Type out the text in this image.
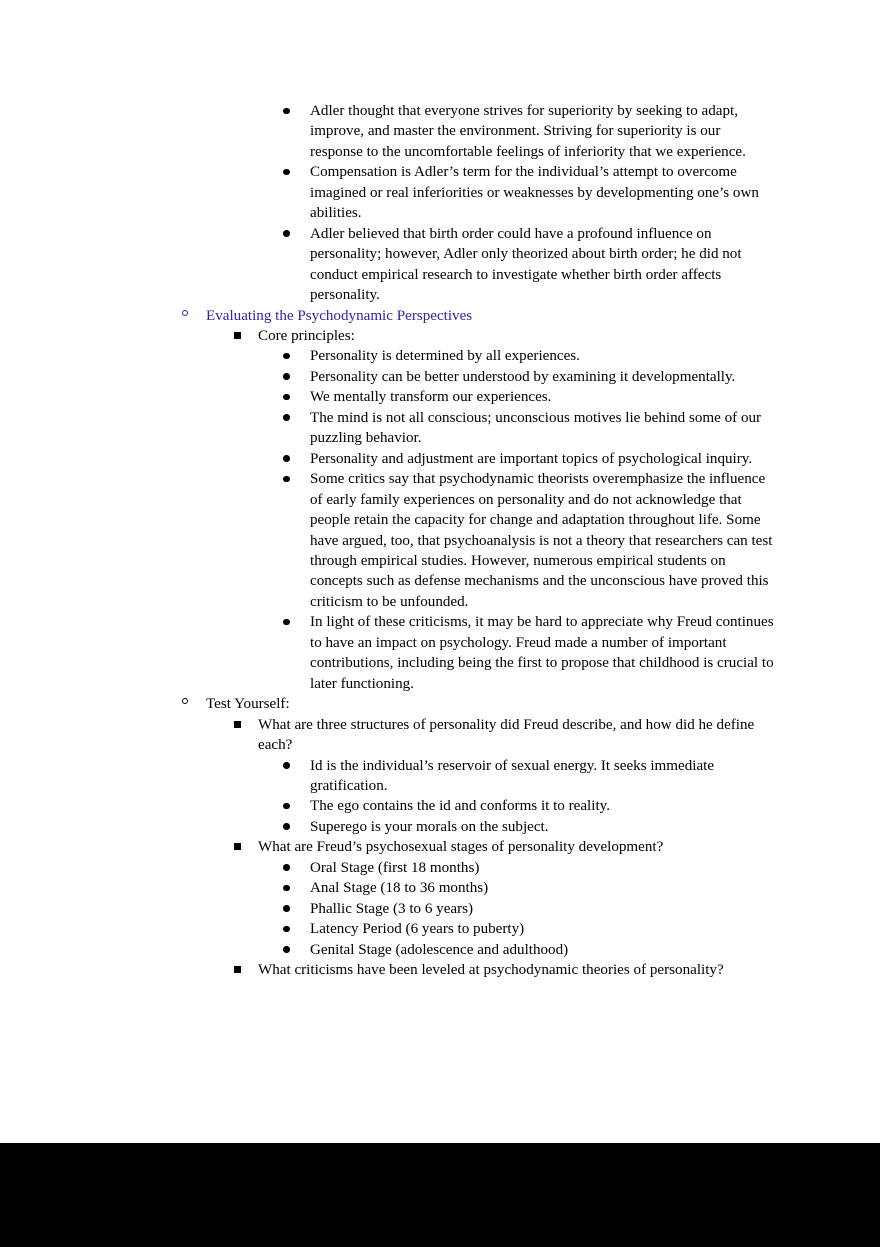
Adler thought that everyone strives for superiority by seeking to adapt, improve, and master the environment. Striving for superiority is our response to the uncomfortable feelings of inferiority that we experience.
Compensation is Adler’s term for the individual’s attempt to overcome imagined or real inferiorities or weaknesses by developmenting one’s own abilities.
Adler believed that birth order could have a profound influence on personality; however, Adler only theorized about birth order; he did not conduct empirical research to investigate whether birth order affects personality.
Evaluating the Psychodynamic Perspectives
Core principles:
Personality is determined by all experiences.
Personality can be better understood by examining it developmentally.
We mentally transform our experiences.
The mind is not all conscious; unconscious motives lie behind some of our puzzling behavior.
Personality and adjustment are important topics of psychological inquiry.
Some critics say that psychodynamic theorists overemphasize the influence of early family experiences on personality and do not acknowledge that people retain the capacity for change and adaptation throughout life. Some have argued, too, that psychoanalysis is not a theory that researchers can test through empirical studies. However, numerous empirical students on concepts such as defense mechanisms and the unconscious have proved this criticism to be unfounded.
In light of these criticisms, it may be hard to appreciate why Freud continues to have an impact on psychology. Freud made a number of important contributions, including being the first to propose that childhood is crucial to later functioning.
Test Yourself:
What are three structures of personality did Freud describe, and how did he define each?
Id is the individual’s reservoir of sexual energy. It seeks immediate gratification.
The ego contains the id and conforms it to reality.
Superego is your morals on the subject.
What are Freud’s psychosexual stages of personality development?
Oral Stage (first 18 months)
Anal Stage (18 to 36 months)
Phallic Stage (3 to 6 years)
Latency Period (6 years to puberty)
Genital Stage (adolescence and adulthood)
What criticisms have been leveled at psychodynamic theories of personality?
